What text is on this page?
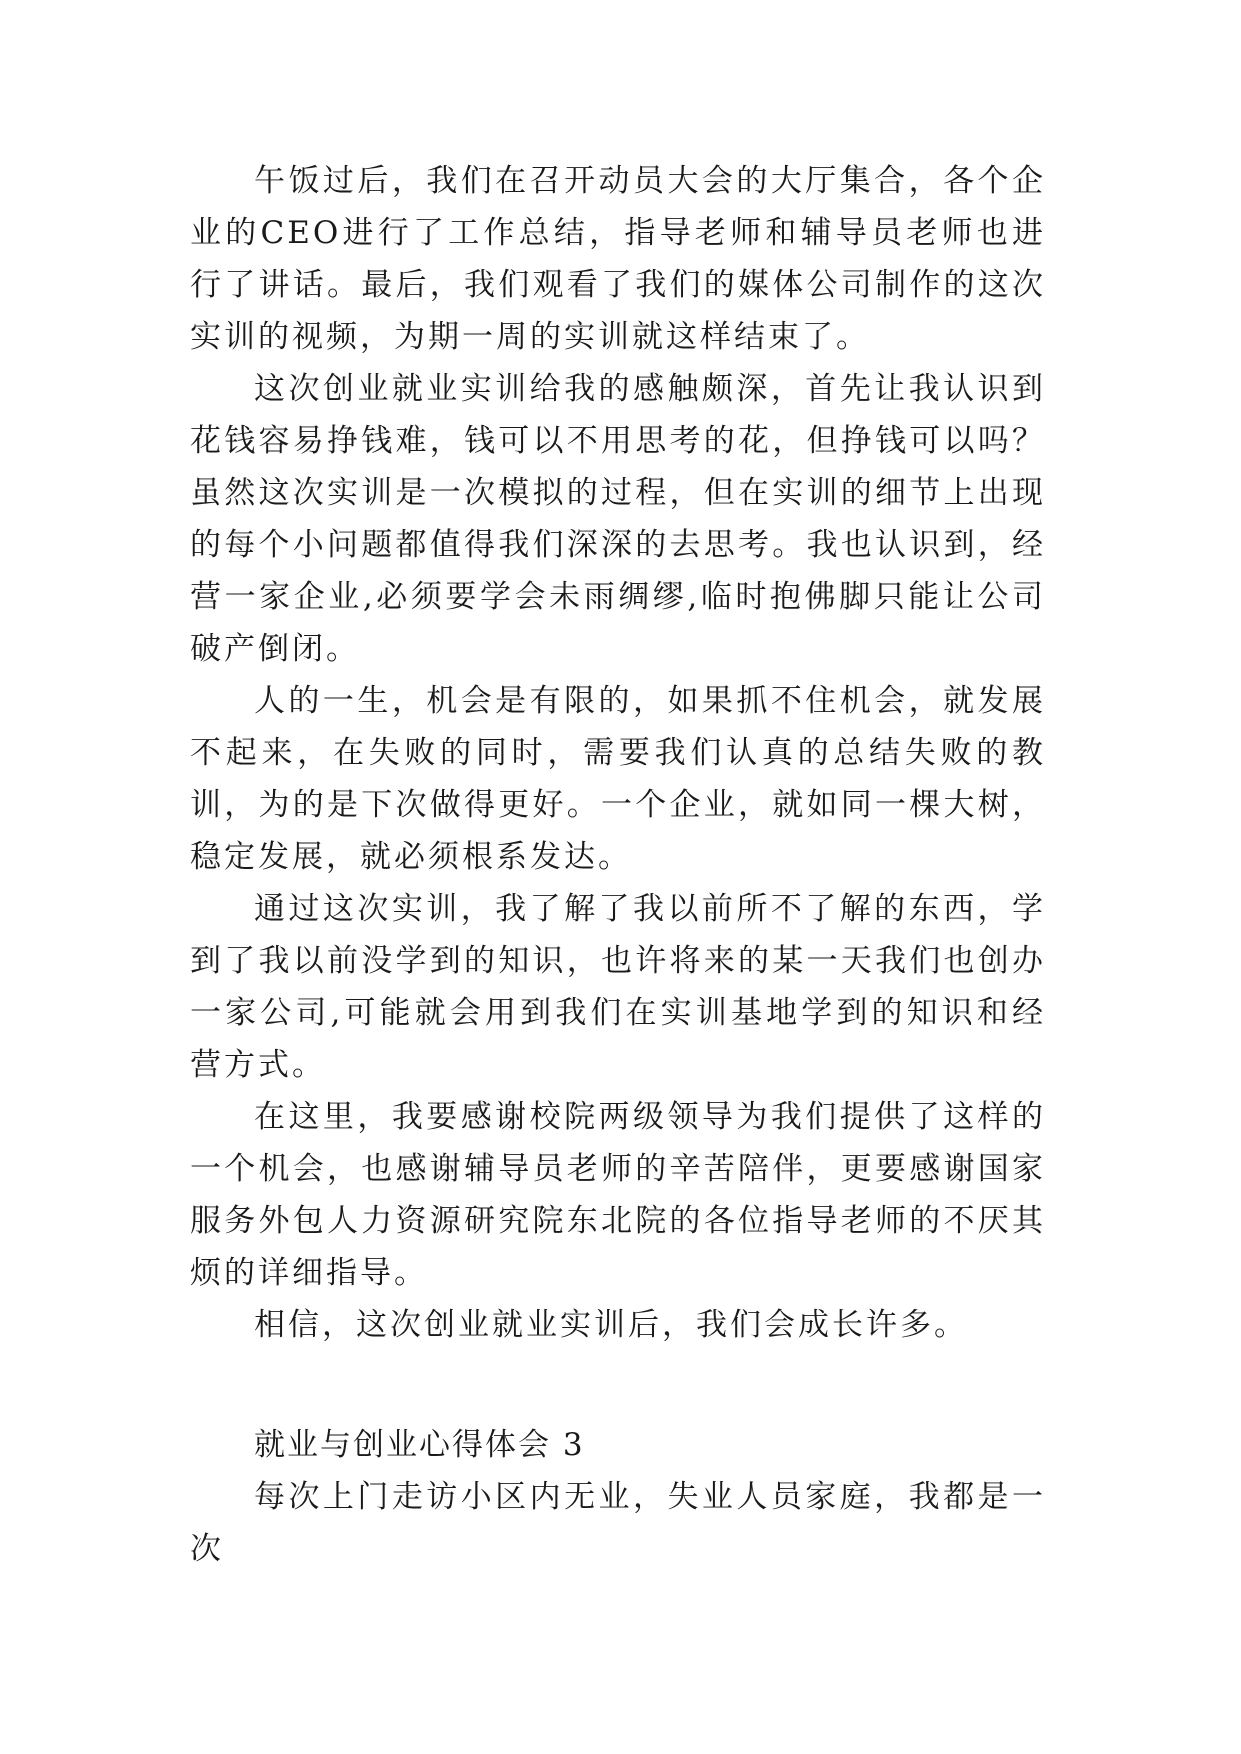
午饭过后，我们在召开动员大会的大厅集合，各个企业的CEO进行了工作总结，指导老师和辅导员老师也进行了讲话。最后，我们观看了我们的媒体公司制作的这次实训的视频，为期一周的实训就这样结束了。

这次创业就业实训给我的感触颇深，首先让我认识到花钱容易挣钱难，钱可以不用思考的花，但挣钱可以吗？虽然这次实训是一次模拟的过程，但在实训的细节上出现的每个小问题都值得我们深深的去思考。我也认识到，经营一家企业,必须要学会未雨绸缪,临时抱佛脚只能让公司破产倒闭。

人的一生，机会是有限的，如果抓不住机会，就发展不起来，在失败的同时，需要我们认真的总结失败的教训，为的是下次做得更好。一个企业，就如同一棵大树，稳定发展，就必须根系发达。

通过这次实训，我了解了我以前所不了解的东西，学到了我以前没学到的知识，也许将来的某一天我们也创办一家公司,可能就会用到我们在实训基地学到的知识和经营方式。

在这里，我要感谢校院两级领导为我们提供了这样的一个机会，也感谢辅导员老师的辛苦陪伴，更要感谢国家服务外包人力资源研究院东北院的各位指导老师的不厌其烦的详细指导。

相信，这次创业就业实训后，我们会成长许多。

就业与创业心得体会 3

每次上门走访小区内无业，失业人员家庭，我都是一次
